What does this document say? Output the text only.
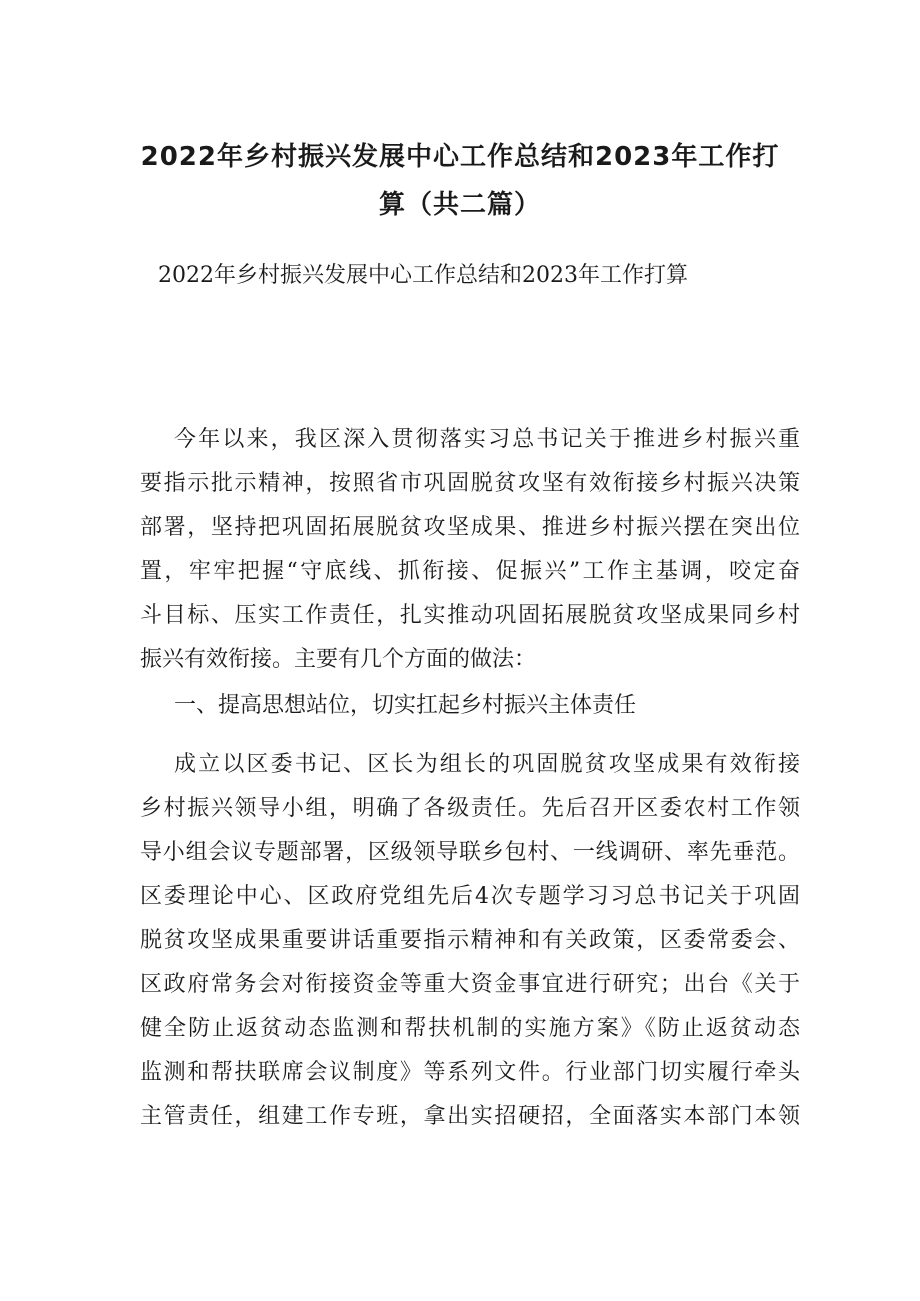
2022年乡村振兴发展中心工作总结和2023年工作打
算（共二篇）
2022年乡村振兴发展中心工作总结和2023年工作打算
今年以来，我区深入贯彻落实习总书记关于推进乡村振兴重
要指示批示精神，按照省市巩固脱贫攻坚有效衔接乡村振兴决策
部署，坚持把巩固拓展脱贫攻坚成果、推进乡村振兴摆在突出位
置，牢牢把握“守底线、抓衔接、促振兴”工作主基调，咬定奋
斗目标、压实工作责任，扎实推动巩固拓展脱贫攻坚成果同乡村
振兴有效衔接。主要有几个方面的做法：
一、提高思想站位，切实扛起乡村振兴主体责任
成立以区委书记、区长为组长的巩固脱贫攻坚成果有效衔接
乡村振兴领导小组，明确了各级责任。先后召开区委农村工作领
导小组会议专题部署，区级领导联乡包村、一线调研、率先垂范。
区委理论中心、区政府党组先后4次专题学习习总书记关于巩固
脱贫攻坚成果重要讲话重要指示精神和有关政策，区委常委会、
区政府常务会对衔接资金等重大资金事宜进行研究；出台《关于
健全防止返贫动态监测和帮扶机制的实施方案》《防止返贫动态
监测和帮扶联席会议制度》等系列文件。行业部门切实履行牵头
主管责任，组建工作专班，拿出实招硬招，全面落实本部门本领
